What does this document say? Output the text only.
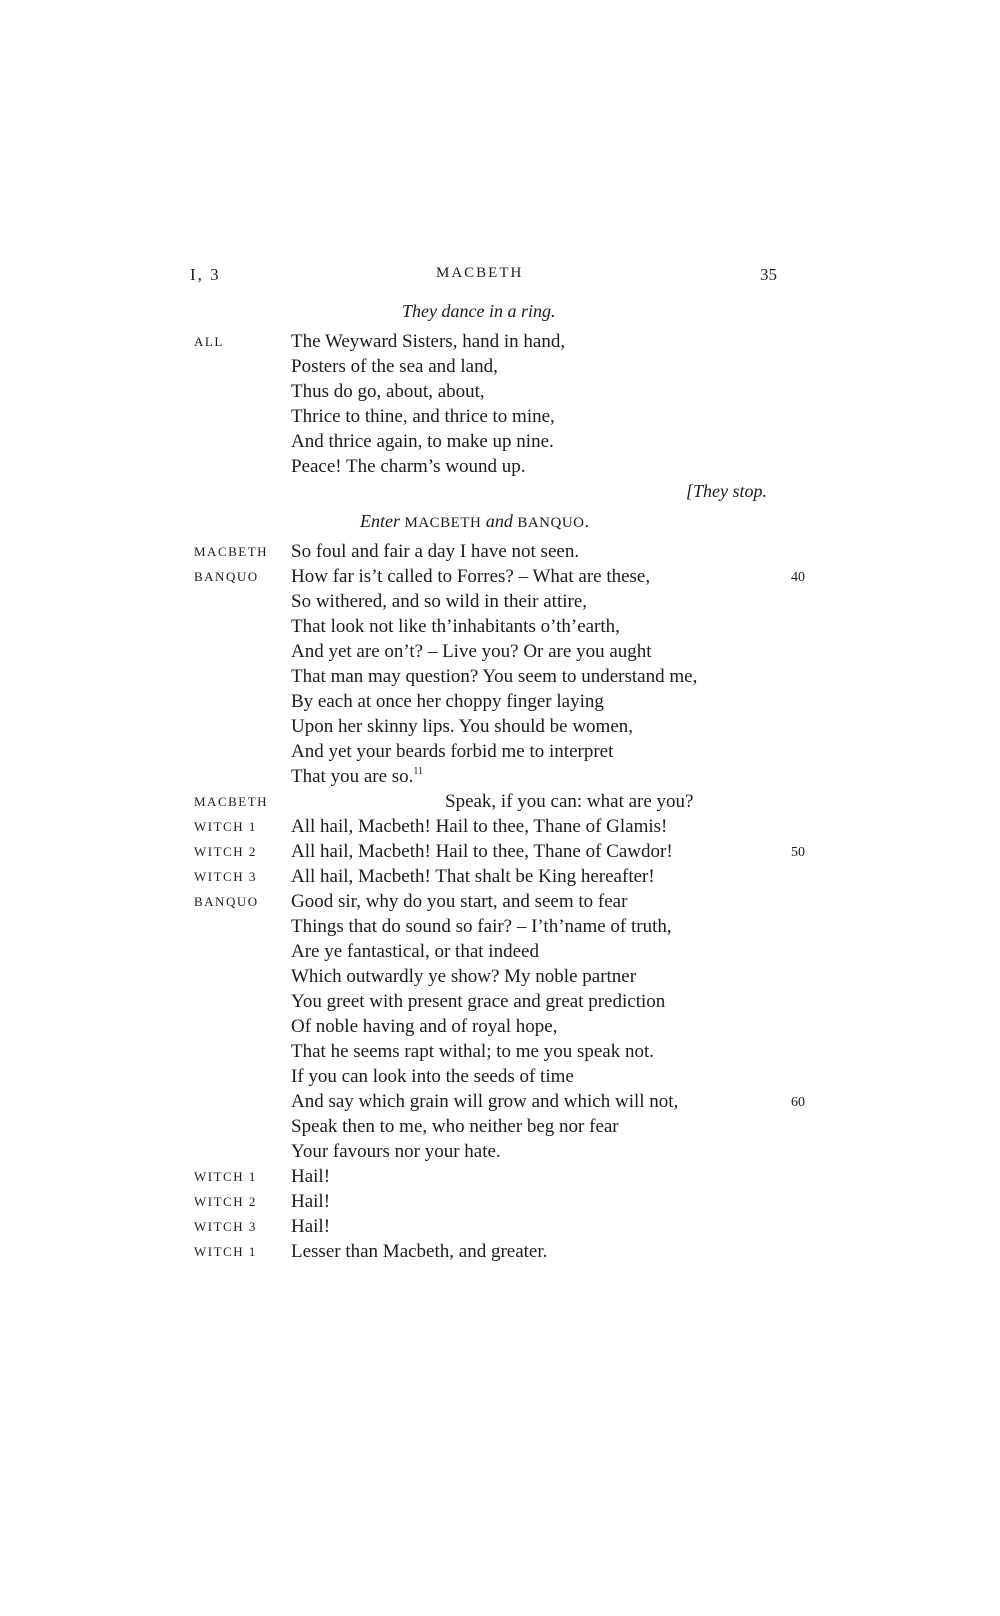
I, 3	MACBETH	35
They dance in a ring.
ALL	The Weyward Sisters, hand in hand,
Posters of the sea and land,
Thus do go, about, about,
Thrice to thine, and thrice to mine,
And thrice again, to make up nine.
Peace! The charm’s wound up.
[They stop.
Enter MACBETH and BANQUO.
MACBETH So foul and fair a day I have not seen.
BANQUO How far is’t called to Forres? – What are these,	40
So withered, and so wild in their attire,
That look not like th’inhabitants o’th’earth,
And yet are on’t? – Live you? Or are you aught
That man may question? You seem to understand me,
By each at once her choppy finger laying
Upon her skinny lips. You should be women,
And yet your beards forbid me to interpret
That you are so.$^{11}$
MACBETH	Speak, if you can: what are you?
WITCH 1 All hail, Macbeth! Hail to thee, Thane of Glamis!
WITCH 2 All hail, Macbeth! Hail to thee, Thane of Cawdor!	50
WITCH 3 All hail, Macbeth! That shalt be King hereafter!
BANQUO Good sir, why do you start, and seem to fear
Things that do sound so fair? – I’th’name of truth,
Are ye fantastical, or that indeed
Which outwardly ye show? My noble partner
You greet with present grace and great prediction
Of noble having and of royal hope,
That he seems rapt withal; to me you speak not.
If you can look into the seeds of time
And say which grain will grow and which will not,	60
Speak then to me, who neither beg nor fear
Your favours nor your hate.
WITCH 1 Hail!
WITCH 2 Hail!
WITCH 3 Hail!
WITCH 1 Lesser than Macbeth, and greater.
